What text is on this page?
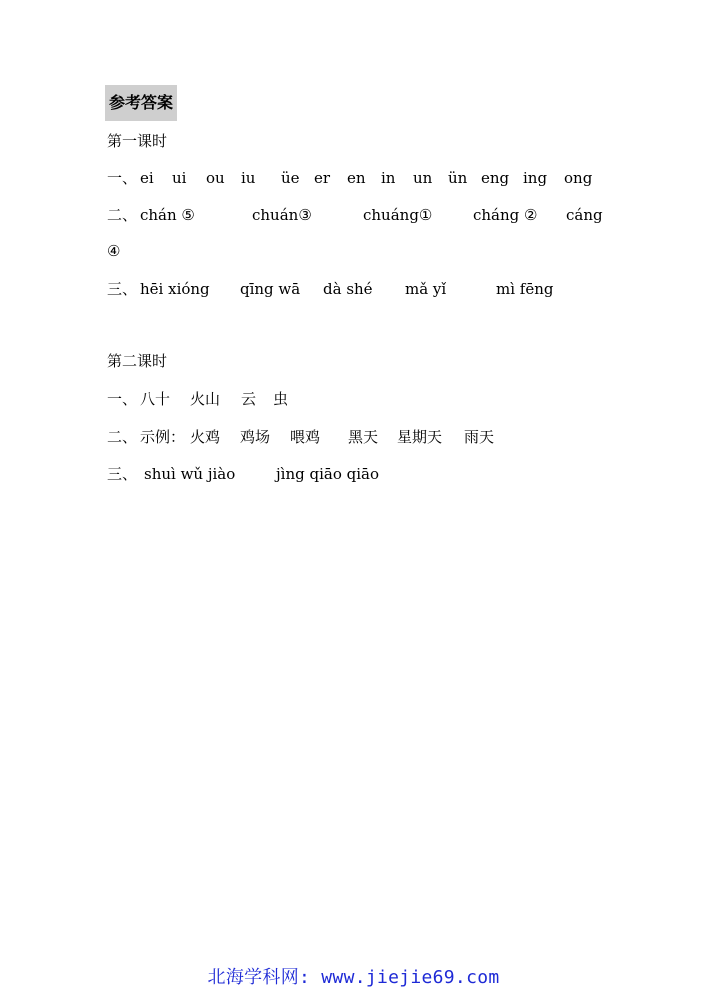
参考答案
第一课时
一、 ei ui ou iu üe er en in un ün eng ing ong
二、 chán ⑤	chuán③	chuáng①	cháng ② cáng
④
三、 hēi xióng qīng wā dà shé mǎ yǐ	mì fēng
第二课时
一、 八十 火山 云 虫
二、 示例： 火鸡 鸡场 喂鸡 黑天 星期天 雨天
三、 shuì wǔ jiào	jìng qiāo qiāo
北海学科网: www.jiejie69.com
